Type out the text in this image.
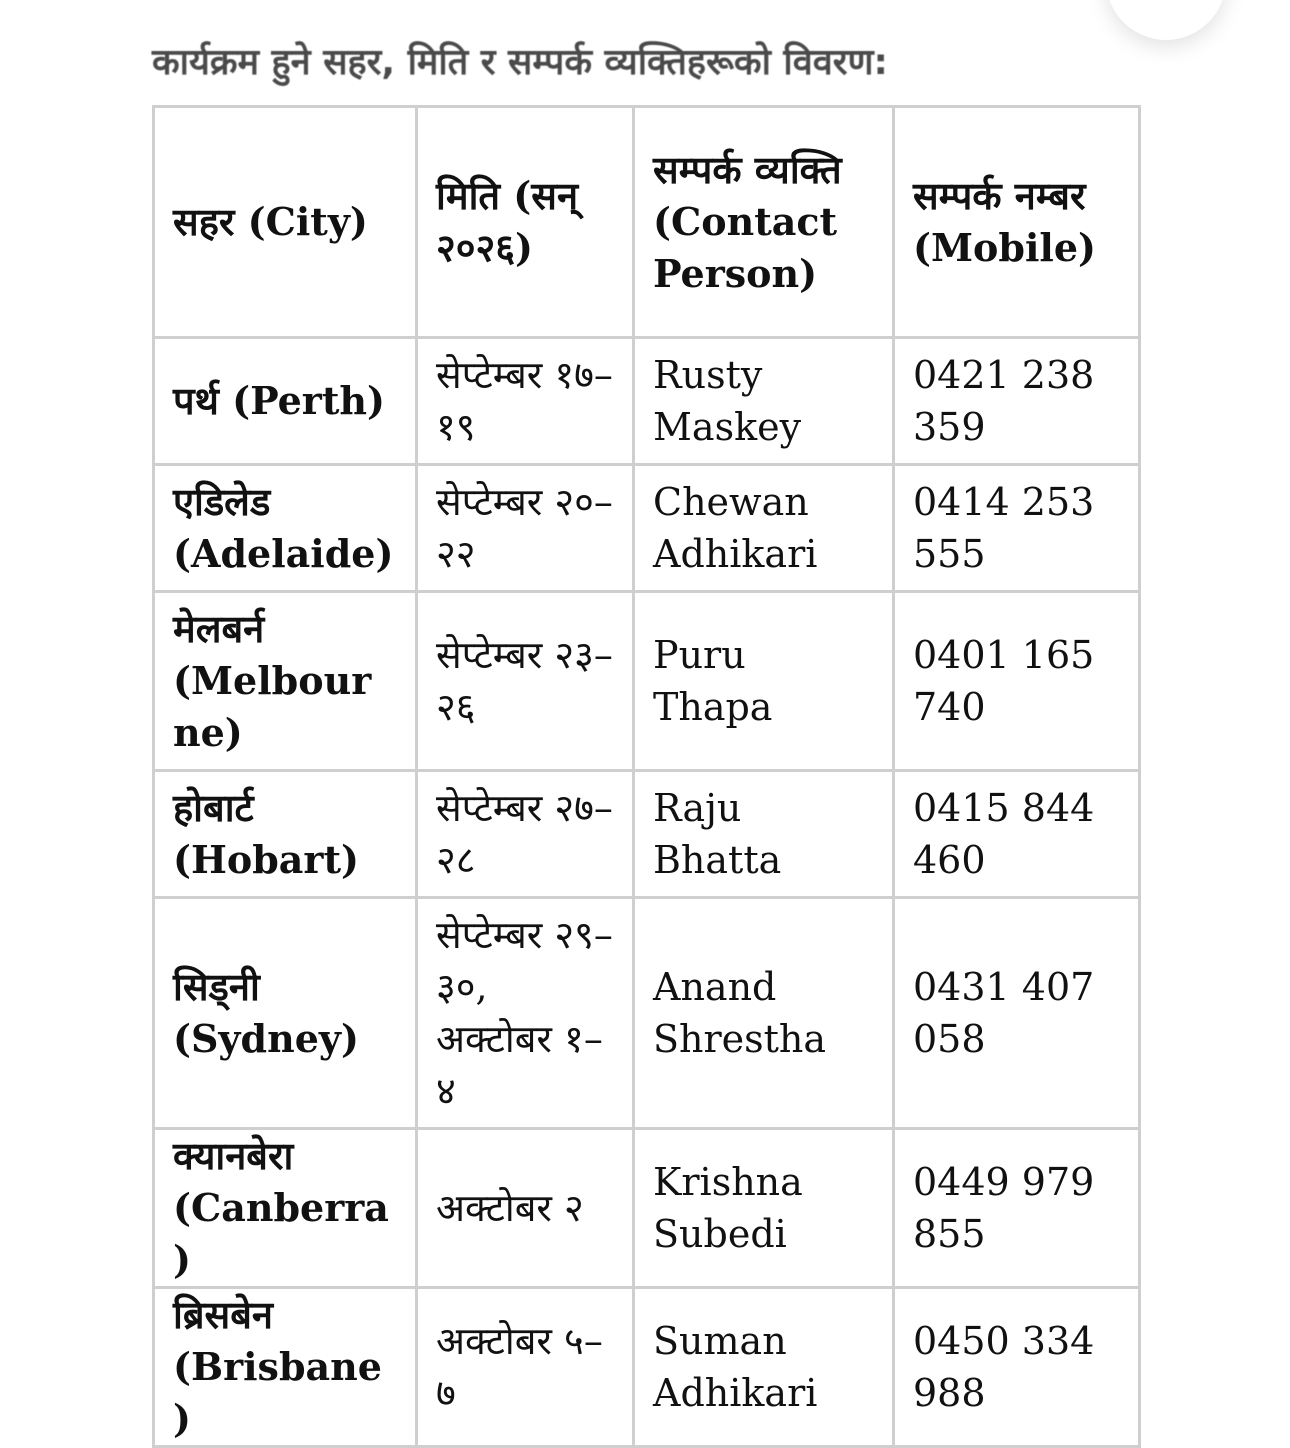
कार्यक्रम हुने सहर, मिति र सम्पर्क व्यक्तिहरूको विवरण:
सहर (City)	मिति (सन् २०२६)	सम्पर्क व्यक्ति (Contact Person)	सम्पर्क नम्बर (Mobile)
पर्थ (Perth)	सेप्टेम्बर १७–१९	Rusty Maskey	0421 238 359
एडिलेड (Adelaide)	सेप्टेम्बर २०–२२	Chewan Adhikari	0414 253 555
मेलबर्न (Melbourne)	सेप्टेम्बर २३–२६	Puru Thapa	0401 165 740
होबार्ट (Hobart)	सेप्टेम्बर २७–२८	Raju Bhatta	0415 844 460
सिड्नी (Sydney)	सेप्टेम्बर २९–३०, अक्टोबर १–४	Anand Shrestha	0431 407 058
क्यानबेरा (Canberra)	अक्टोबर २	Krishna Subedi	0449 979 855
ब्रिसबेन (Brisbane)	अक्टोबर ५–७	Suman Adhikari	0450 334 988
